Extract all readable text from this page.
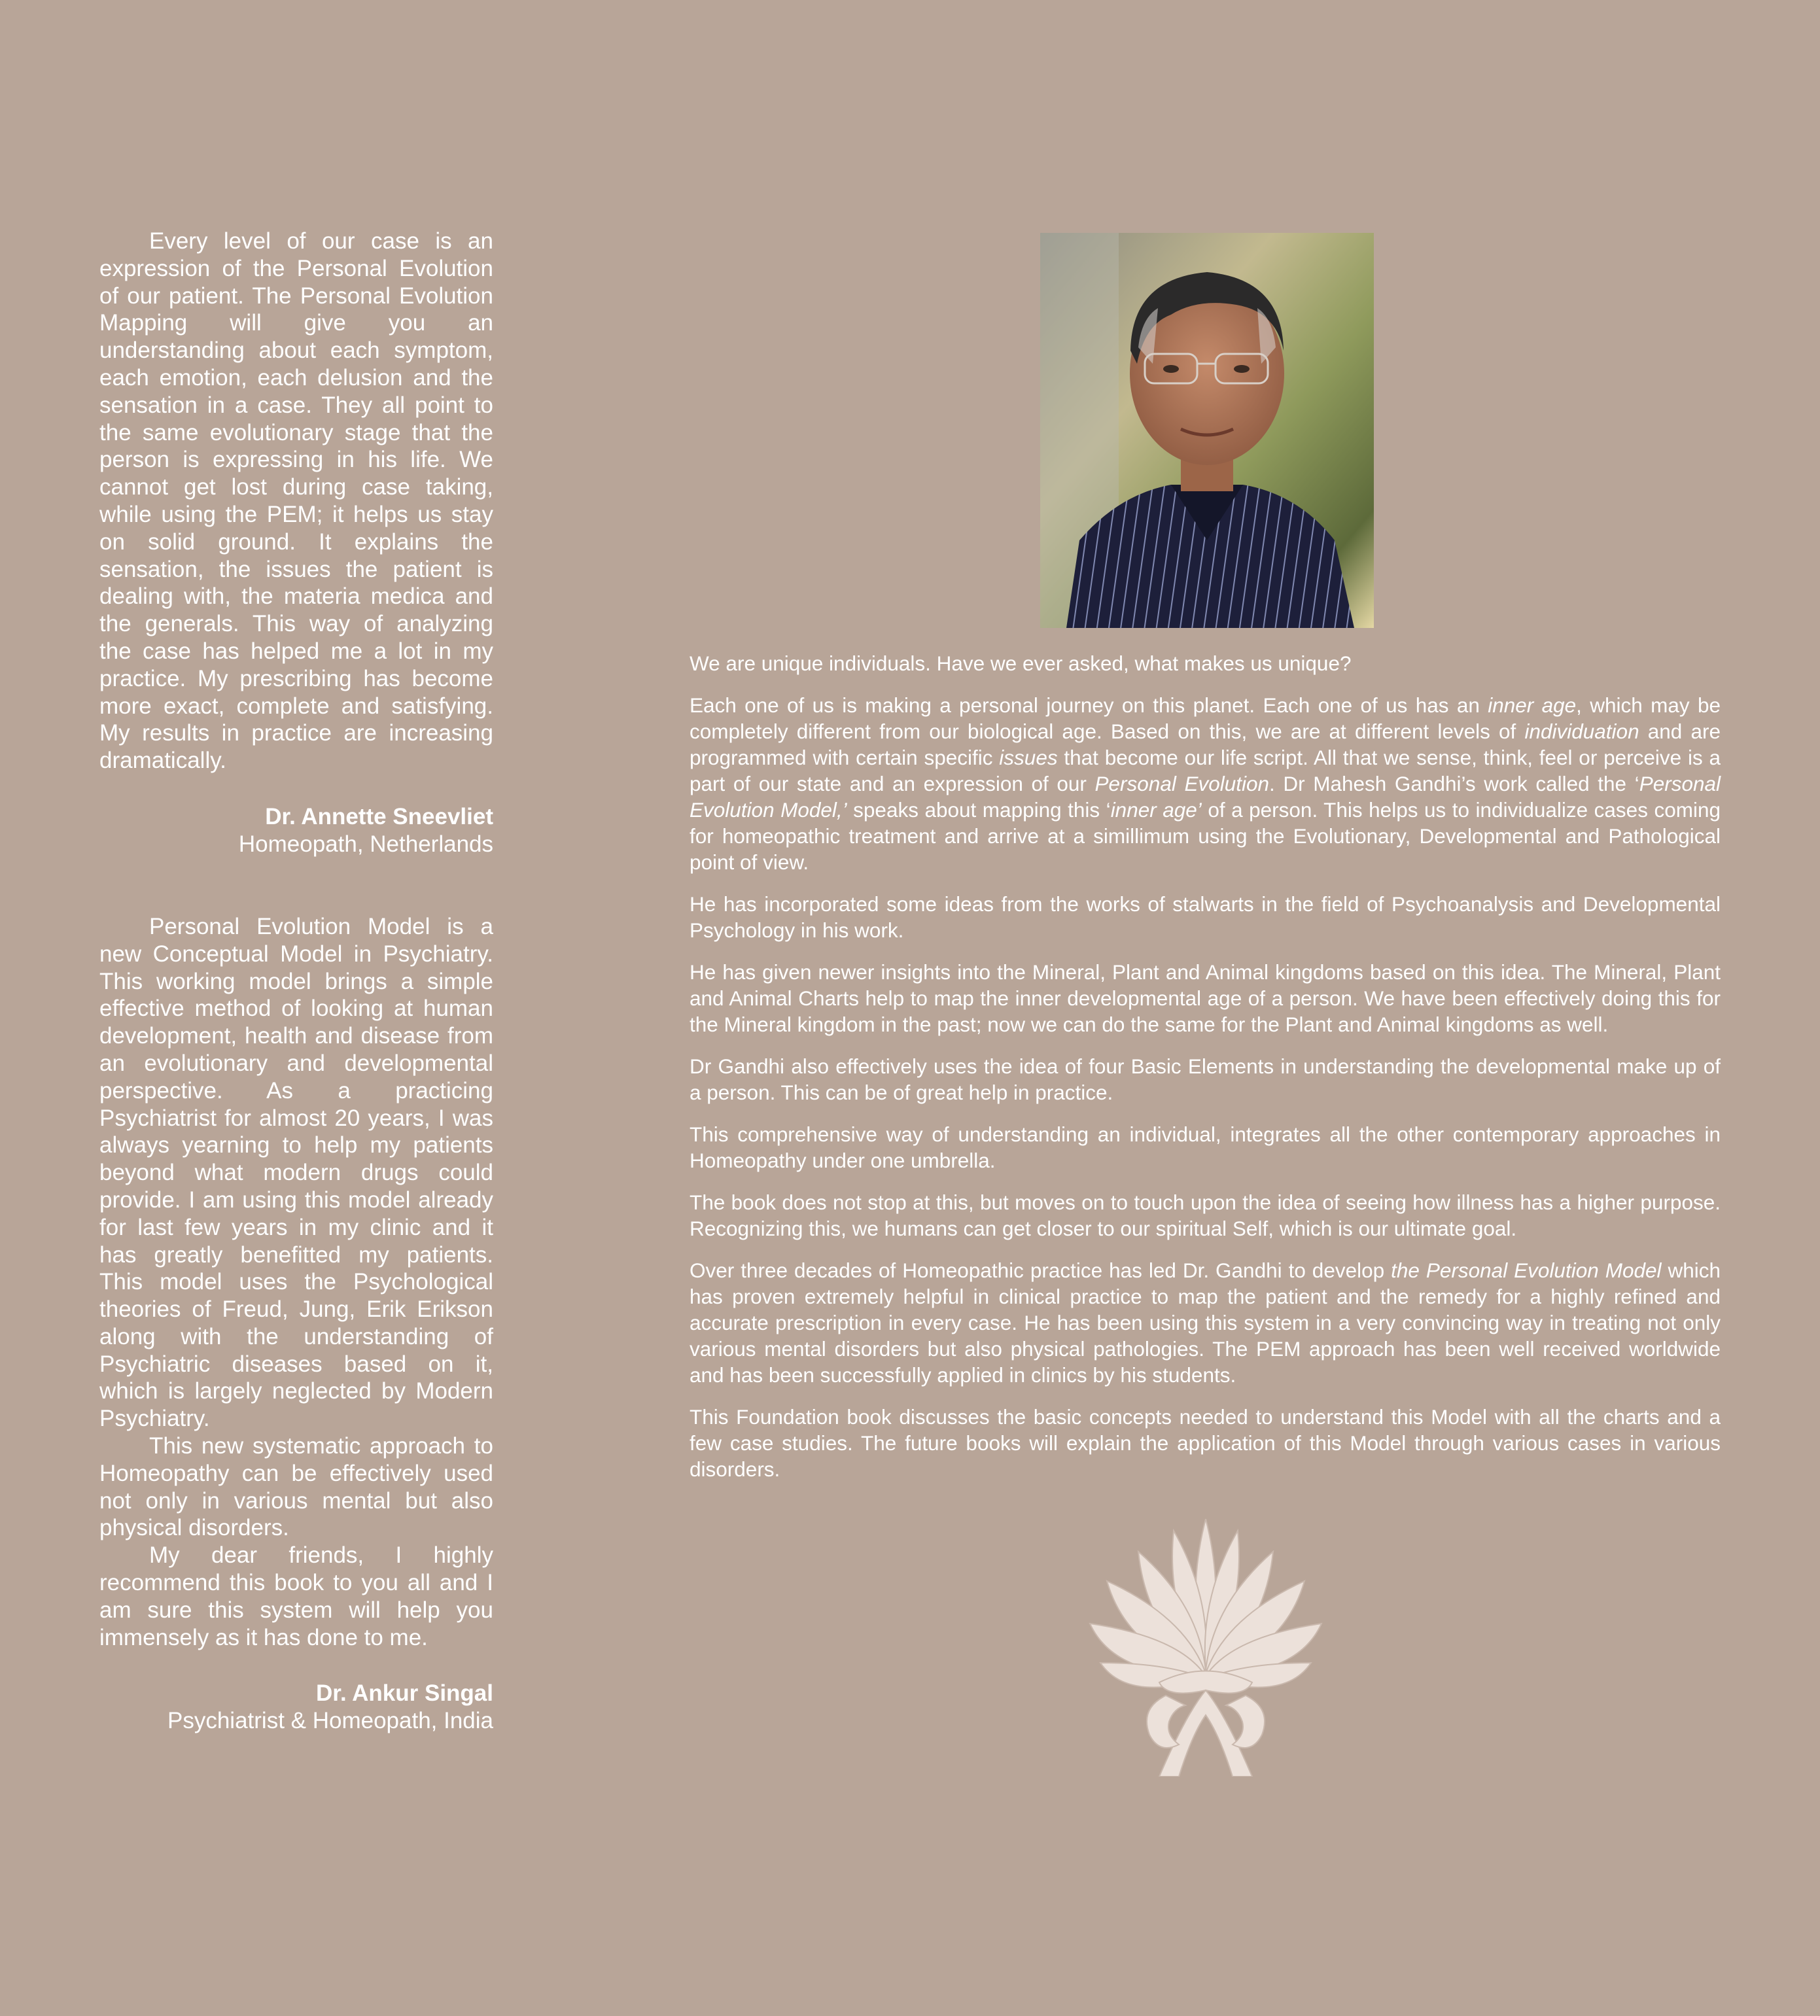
Every level of our case is an expression of the Personal Evolution of our patient. The Personal Evolution Mapping will give you an understanding about each symptom, each emotion, each delusion and the sensation in a case. They all point to the same evolutionary stage that the person is expressing in his life. We cannot get lost during case taking, while using the PEM; it helps us stay on solid ground. It explains the sensation, the issues the patient is dealing with, the materia medica and the generals. This way of analyzing the case has helped me a lot in my practice. My prescribing has become more exact, complete and satisfying. My results in practice are increasing dramatically.

Dr. Annette Sneevliet
Homeopath, Netherlands

Personal Evolution Model is a new Conceptual Model in Psychiatry. This working model brings a simple effective method of looking at human development, health and disease from an evolutionary and developmental perspective. As a practicing Psychiatrist for almost 20 years, I was always yearning to help my patients beyond what modern drugs could provide. I am using this model already for last few years in my clinic and it has greatly benefitted my patients. This model uses the Psychological theories of Freud, Jung, Erik Erikson along with the understanding of Psychiatric diseases based on it, which is largely neglected by Modern Psychiatry.

This new systematic approach to Homeopathy can be effectively used not only in various mental but also physical disorders.

My dear friends, I highly recommend this book to you all and I am sure this system will help you immensely as it has done to me.

Dr. Ankur Singal
Psychiatrist & Homeopath, India

We are unique individuals. Have we ever asked, what makes us unique?

Each one of us is making a personal journey on this planet. Each one of us has an inner age, which may be completely different from our biological age. Based on this, we are at different levels of individuation and are programmed with certain specific issues that become our life script. All that we sense, think, feel or perceive is a part of our state and an expression of our Personal Evolution. Dr Mahesh Gandhi’s work called the ‘Personal Evolution Model,’ speaks about mapping this ‘inner age’ of a person. This helps us to individualize cases coming for homeopathic treatment and arrive at a simillimum using the Evolutionary, Developmental and Pathological point of view.

He has incorporated some ideas from the works of stalwarts in the field of Psychoanalysis and Developmental Psychology in his work.

He has given newer insights into the Mineral, Plant and Animal kingdoms based on this idea. The Mineral, Plant and Animal Charts help to map the inner developmental age of a person. We have been effectively doing this for the Mineral kingdom in the past; now we can do the same for the Plant and Animal kingdoms as well.

Dr Gandhi also effectively uses the idea of four Basic Elements in understanding the developmental make up of a person. This can be of great help in practice.

This comprehensive way of understanding an individual, integrates all the other contemporary approaches in Homeopathy under one umbrella.

The book does not stop at this, but moves on to touch upon the idea of seeing how illness has a higher purpose. Recognizing this, we humans can get closer to our spiritual Self, which is our ultimate goal.

Over three decades of Homeopathic practice has led Dr. Gandhi to develop the Personal Evolution Model which has proven extremely helpful in clinical practice to map the patient and the remedy for a highly refined and accurate prescription in every case. He has been using this system in a very convincing way in treating not only various mental disorders but also physical pathologies. The PEM approach has been well received worldwide and has been successfully applied in clinics by his students.

This Foundation book discusses the basic concepts needed to understand this Model with all the charts and a few case studies. The future books will explain the application of this Model through various cases in various disorders.
